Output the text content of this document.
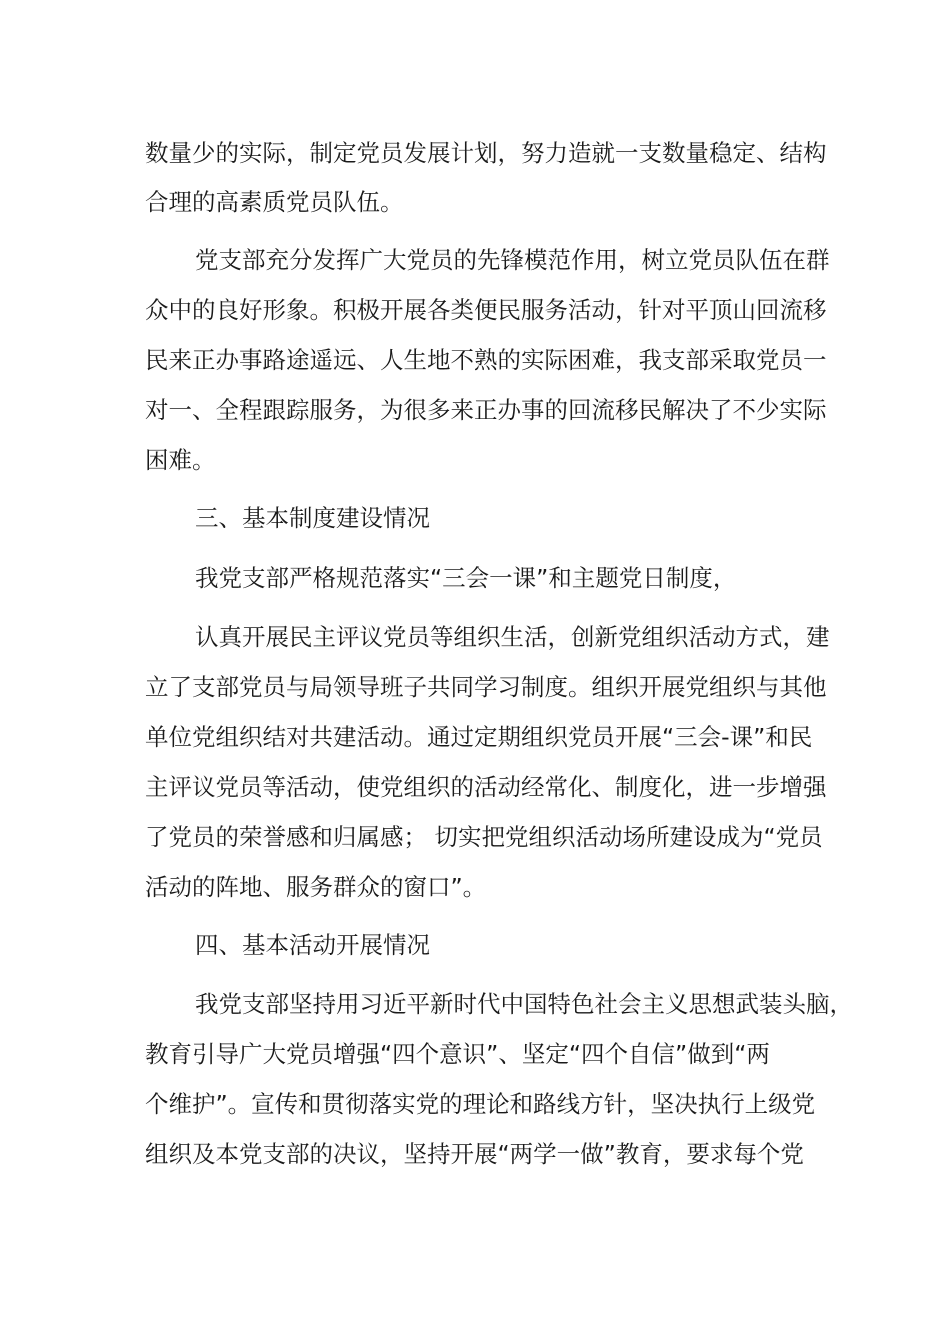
数量少的实际，制定党员发展计划，努力造就一支数量稳定、结构

合理的高素质党员队伍。

党支部充分发挥广大党员的先锋模范作用，树立党员队伍在群

众中的良好形象。积极开展各类便民服务活动，针对平顶山回流移

民来正办事路途遥远、人生地不熟的实际困难，我支部采取党员一

对一、全程跟踪服务，为很多来正办事的回流移民解决了不少实际

困难。

三、基本制度建设情况

我党支部严格规范落实“三会一课”和主题党日制度，

认真开展民主评议党员等组织生活，创新党组织活动方式，建

立了支部党员与局领导班子共同学习制度。组织开展党组织与其他

单位党组织结对共建活动。通过定期组织党员开展“三会-课”和民

主评议党员等活动，使党组织的活动经常化、制度化，进一步增强

了党员的荣誉感和归属感； 切实把党组织活动场所建设成为“党员

活动的阵地、服务群众的窗口”。

四、基本活动开展情况

我党支部坚持用习近平新时代中国特色社会主义思想武装头脑，

教育引导广大党员增强“四个意识”、坚定“四个自信”做到“两

个维护”。宣传和贯彻落实党的理论和路线方针，坚决执行上级党

组织及本党支部的决议，坚持开展“两学一做”教育，要求每个党
